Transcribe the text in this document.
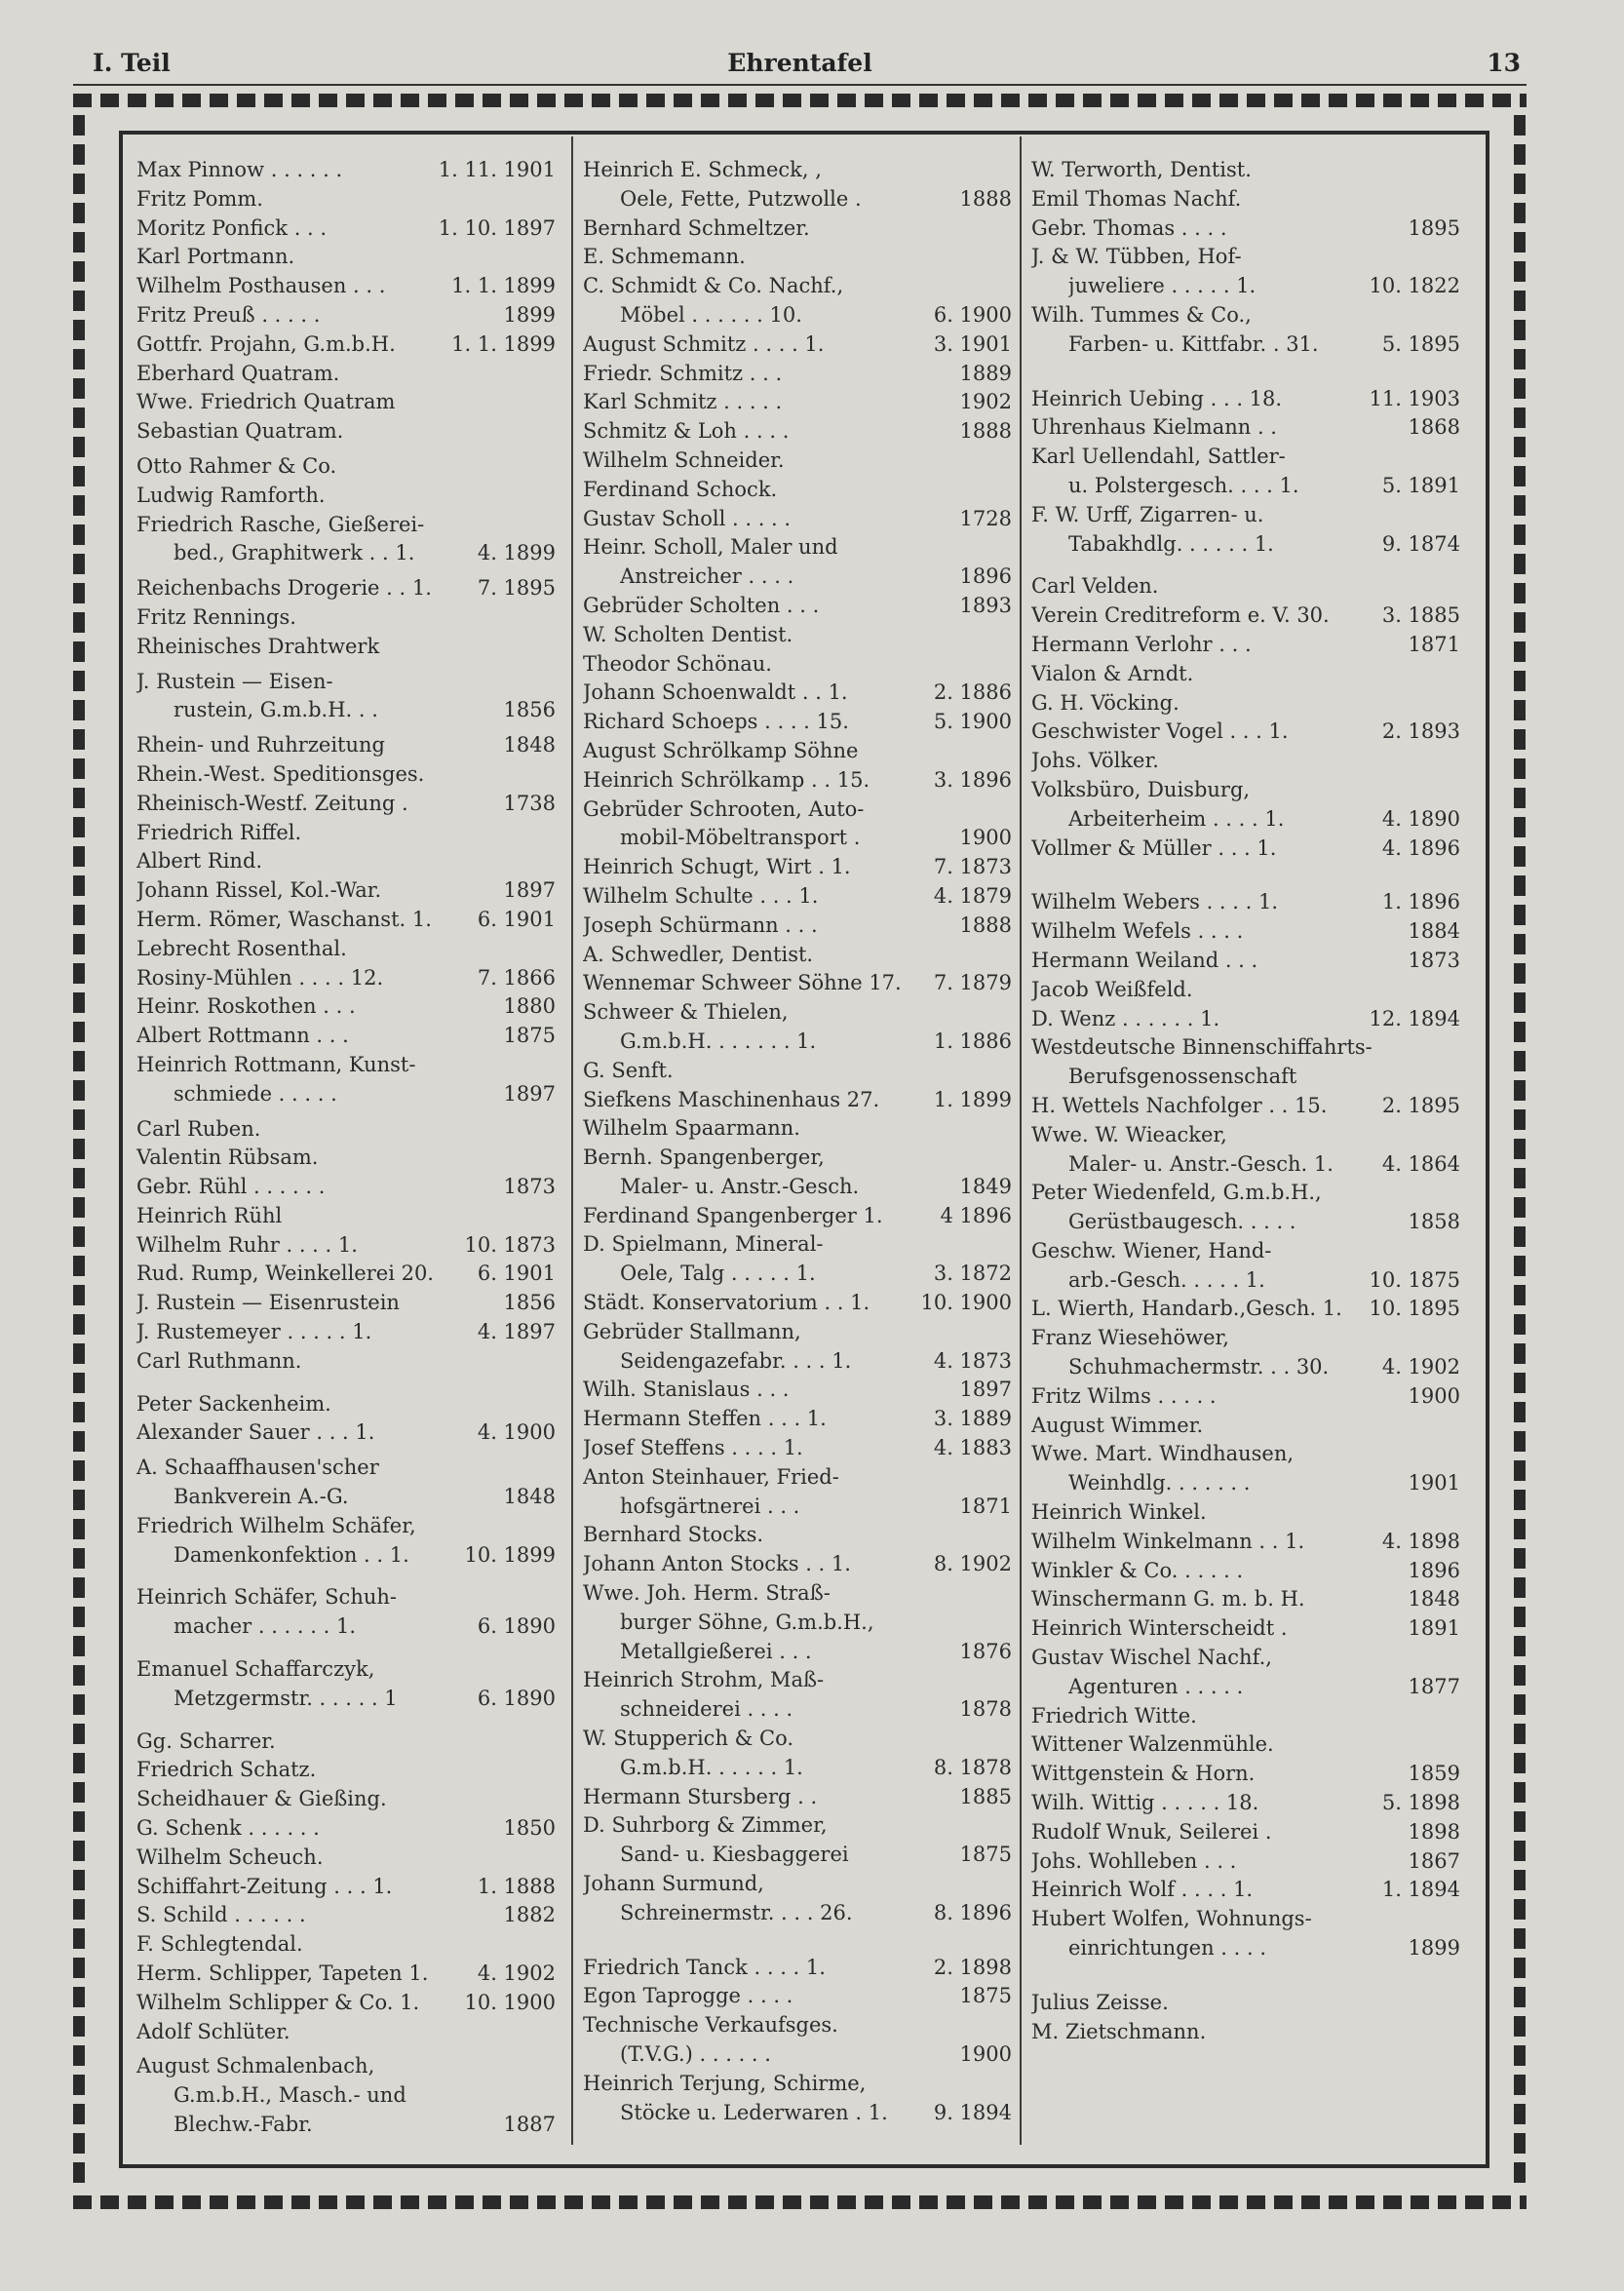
I. Teil	Ehrentafel	13
Max Pinnow . . . . . .	1. 11. 1901
Fritz Pomm.
Moritz Ponfick . . .	1. 10. 1897
Karl Portmann.
Wilhelm Posthausen . . .	1. 1. 1899
Fritz Preuß . . . . .	1899
Gottfr. Projahn, G.m.b.H.	1. 1. 1899
Eberhard Quatram.
Wwe. Friedrich Quatram
Sebastian Quatram.
Otto Rahmer & Co.
Ludwig Ramforth.
Friedrich Rasche, Gießerei-
bed., Graphitwerk . . 1.	4. 1899
Reichenbachs Drogerie . . 1.	7. 1895
Fritz Rennings.
Rheinisches Drahtwerk
J. Rustein — Eisen-
rustein, G.m.b.H. . .	1856
Rhein- und Ruhrzeitung	1848
Rhein.-West. Speditionsges.
Rheinisch-Westf. Zeitung .	1738
Friedrich Riffel.
Albert Rind.
Johann Rissel, Kol.-War.	1897
Herm. Römer, Waschanst. 1.	6. 1901
Lebrecht Rosenthal.
Rosiny-Mühlen . . . . 12.	7. 1866
Heinr. Roskothen . . .	1880
Albert Rottmann . . .	1875
Heinrich Rottmann, Kunst-
schmiede . . . . .	1897
Carl Ruben.
Valentin Rübsam.
Gebr. Rühl . . . . . .	1873
Heinrich Rühl
Wilhelm Ruhr . . . . 1.	10. 1873
Rud. Rump, Weinkellerei 20.	6. 1901
J. Rustein — Eisenrustein	1856
J. Rustemeyer . . . . . 1.	4. 1897
Carl Ruthmann.
Peter Sackenheim.
Alexander Sauer . . . 1.	4. 1900
A. Schaaffhausen'scher
Bankverein A.-G.	1848
Friedrich Wilhelm Schäfer,
Damenkonfektion . . 1.	10. 1899
Heinrich Schäfer, Schuh-
macher . . . . . . 1.	6. 1890
Emanuel Schaffarczyk,
Metzgermstr. . . . . . 1	6. 1890
Gg. Scharrer.
Friedrich Schatz.
Scheidhauer & Gießing.
G. Schenk . . . . . .	1850
Wilhelm Scheuch.
Schiffahrt-Zeitung . . . 1.	1. 1888
S. Schild . . . . . .	1882
F. Schlegtendal.
Herm. Schlipper, Tapeten 1.	4. 1902
Wilhelm Schlipper & Co. 1.	10. 1900
Adolf Schlüter.
August Schmalenbach,
G.m.b.H., Masch.- und
Blechw.-Fabr.	1887
Heinrich E. Schmeck, ,
Oele, Fette, Putzwolle .	1888
Bernhard Schmeltzer.
E. Schmemann.
C. Schmidt & Co. Nachf.,
Möbel . . . . . . 10.	6. 1900
August Schmitz . . . . 1.	3. 1901
Friedr. Schmitz . . .	1889
Karl Schmitz . . . . .	1902
Schmitz & Loh . . . .	1888
Wilhelm Schneider.
Ferdinand Schock.
Gustav Scholl . . . . .	1728
Heinr. Scholl, Maler und
Anstreicher . . . .	1896
Gebrüder Scholten . . .	1893
W. Scholten Dentist.
Theodor Schönau.
Johann Schoenwaldt . . 1.	2. 1886
Richard Schoeps . . . . 15.	5. 1900
August Schrölkamp Söhne
Heinrich Schrölkamp . . 15.	3. 1896
Gebrüder Schrooten, Auto-
mobil-Möbeltransport .	1900
Heinrich Schugt, Wirt . 1.	7. 1873
Wilhelm Schulte . . . 1.	4. 1879
Joseph Schürmann . . .	1888
A. Schwedler, Dentist.
Wennemar Schweer Söhne 17.	7. 1879
Schweer & Thielen,
G.m.b.H. . . . . . . 1.	1. 1886
G. Senft.
Siefkens Maschinenhaus 27.	1. 1899
Wilhelm Spaarmann.
Bernh. Spangenberger,
Maler- u. Anstr.-Gesch.	1849
Ferdinand Spangenberger 1.	4 1896
D. Spielmann, Mineral-
Oele, Talg . . . . . 1.	3. 1872
Städt. Konservatorium . . 1.	10. 1900
Gebrüder Stallmann,
Seidengazefabr. . . . 1.	4. 1873
Wilh. Stanislaus . . .	1897
Hermann Steffen . . . 1.	3. 1889
Josef Steffens . . . . 1.	4. 1883
Anton Steinhauer, Fried-
hofsgärtnerei . . .	1871
Bernhard Stocks.
Johann Anton Stocks . . 1.	8. 1902
Wwe. Joh. Herm. Straß-
burger Söhne, G.m.b.H.,
Metallgießerei . . .	1876
Heinrich Strohm, Maß-
schneiderei . . . .	1878
W. Stupperich & Co.
G.m.b.H. . . . . . 1.	8. 1878
Hermann Stursberg . .	1885
D. Suhrborg & Zimmer,
Sand- u. Kiesbaggerei	1875
Johann Surmund,
Schreinermstr. . . . 26.	8. 1896
Friedrich Tanck . . . . 1.	2. 1898
Egon Taprogge . . . .	1875
Technische Verkaufsges.
(T.V.G.) . . . . . .	1900
Heinrich Terjung, Schirme,
Stöcke u. Lederwaren . 1.	9. 1894
W. Terworth, Dentist.
Emil Thomas Nachf.
Gebr. Thomas . . . .	1895
J. & W. Tübben, Hof-
juweliere . . . . . 1.	10. 1822
Wilh. Tummes & Co.,
Farben- u. Kittfabr. . 31.	5. 1895
Heinrich Uebing . . . 18.	11. 1903
Uhrenhaus Kielmann . .	1868
Karl Uellendahl, Sattler-
u. Polstergesch. . . . 1.	5. 1891
F. W. Urff, Zigarren- u.
Tabakhdlg. . . . . . 1.	9. 1874
Carl Velden.
Verein Creditreform e. V. 30.	3. 1885
Hermann Verlohr . . .	1871
Vialon & Arndt.
G. H. Vöcking.
Geschwister Vogel . . . 1.	2. 1893
Johs. Völker.
Volksbüro, Duisburg,
Arbeiterheim . . . . 1.	4. 1890
Vollmer & Müller . . . 1.	4. 1896
Wilhelm Webers . . . . 1.	1. 1896
Wilhelm Wefels . . . .	1884
Hermann Weiland . . .	1873
Jacob Weißfeld.
D. Wenz . . . . . . 1.	12. 1894
Westdeutsche Binnenschiffahrts-
Berufsgenossenschaft
H. Wettels Nachfolger . . 15.	2. 1895
Wwe. W. Wieacker,
Maler- u. Anstr.-Gesch. 1.	4. 1864
Peter Wiedenfeld, G.m.b.H.,
Gerüstbaugesch. . . . .	1858
Geschw. Wiener, Hand-
arb.-Gesch. . . . . 1.	10. 1875
L. Wierth, Handarb.,Gesch. 1.	10. 1895
Franz Wiesehöwer,
Schuhmachermstr. . . 30.	4. 1902
Fritz Wilms . . . . .	1900
August Wimmer.
Wwe. Mart. Windhausen,
Weinhdlg. . . . . . .	1901
Heinrich Winkel.
Wilhelm Winkelmann . . 1.	4. 1898
Winkler & Co. . . . . .	1896
Winschermann G. m. b. H.	1848
Heinrich Winterscheidt .	1891
Gustav Wischel Nachf.,
Agenturen . . . . .	1877
Friedrich Witte.
Wittener Walzenmühle.
Wittgenstein & Horn.	1859
Wilh. Wittig . . . . . 18.	5. 1898
Rudolf Wnuk, Seilerei .	1898
Johs. Wohlleben . . .	1867
Heinrich Wolf . . . . 1.	1. 1894
Hubert Wolfen, Wohnungs-
einrichtungen . . . .	1899
Julius Zeisse.
M. Zietschmann.
